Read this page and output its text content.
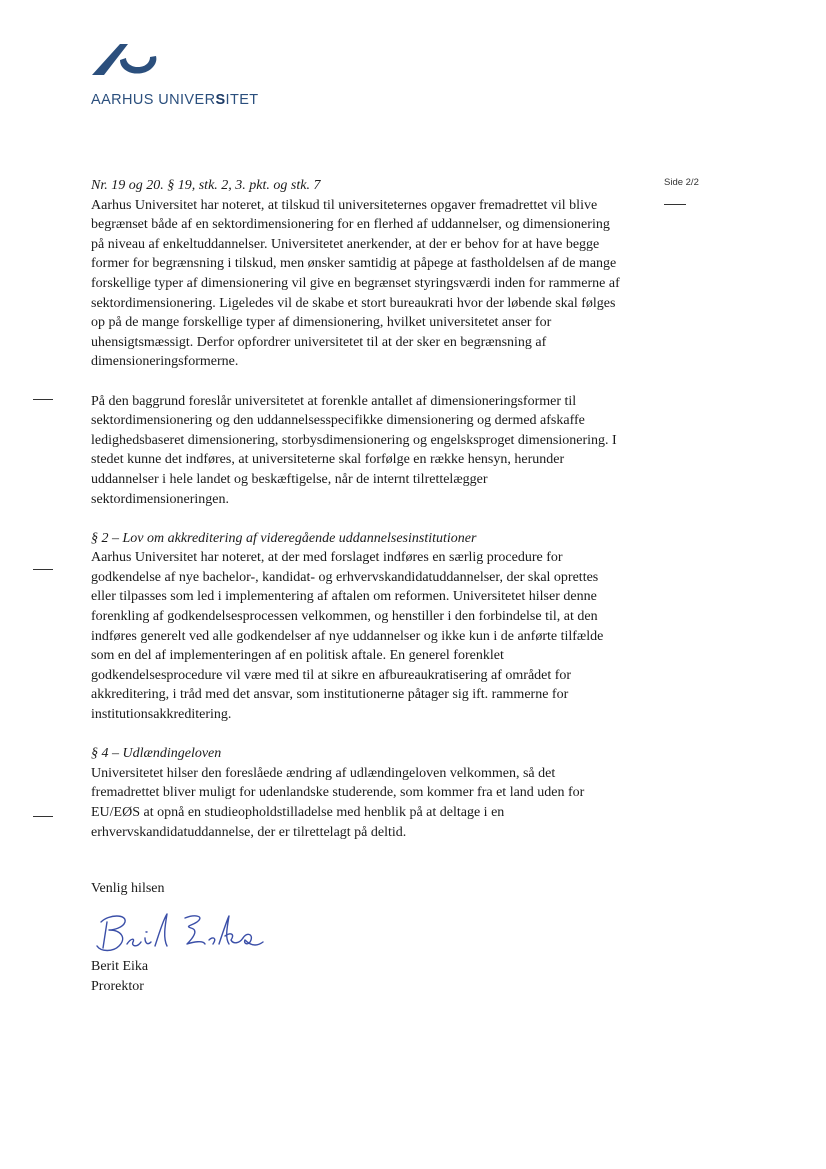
AARHUS UNIVERSITET
Side 2/2

Nr. 19 og 20. § 19, stk. 2, 3. pkt. og stk. 7

Aarhus Universitet har noteret, at tilskud til universiteternes opgaver fremadrettet vil blive begrænset både af en sektordimensionering for en flerhed af uddannelser, og dimensionering på niveau af enkeltuddannelser. Universitetet anerkender, at der er behov for at have begge former for begrænsning i tilskud, men ønsker samtidig at påpege at fastholdelsen af de mange forskellige typer af dimensionering vil give en begrænset styringsværdi inden for rammerne af sektordimensionering. Ligeledes vil de skabe et stort bureaukrati hvor der løbende skal følges op på de mange forskellige typer af dimensionering, hvilket universitetet anser for uhensigtsmæssigt. Derfor opfordrer universitetet til at der sker en begrænsning af dimensioneringsformerne.

På den baggrund foreslår universitetet at forenkle antallet af dimensioneringsformer til sektordimensionering og den uddannelsesspecifikke dimensionering og dermed afskaffe ledighedsbaseret dimensionering, storbysdimensionering og engelsksproget dimensionering. I stedet kunne det indføres, at universiteterne skal forfølge en række hensyn, herunder uddannelser i hele landet og beskæftigelse, når de internt tilrettelægger sektordimensioneringen.

§ 2 – Lov om akkreditering af videregående uddannelsesinstitutioner

Aarhus Universitet har noteret, at der med forslaget indføres en særlig procedure for godkendelse af nye bachelor-, kandidat- og erhvervskandidatuddannelser, der skal oprettes eller tilpasses som led i implementering af aftalen om reformen. Universitetet hilser denne forenkling af godkendelsesprocessen velkommen, og henstiller i den forbindelse til, at den indføres generelt ved alle godkendelser af nye uddannelser og ikke kun i de anførte tilfælde som en del af implementeringen af en politisk aftale. En generel forenklet godkendelsesprocedure vil være med til at sikre en afbureaukratisering af området for akkreditering, i tråd med det ansvar, som institutionerne påtager sig ift. rammerne for institutionsakkreditering.

§ 4 – Udlændingeloven

Universitetet hilser den foreslåede ændring af udlændingeloven velkommen, så det fremadrettet bliver muligt for udenlandske studerende, som kommer fra et land uden for EU/EØS at opnå en studieopholdstilladelse med henblik på at deltage i en erhvervskandidatuddannelse, der er tilrettelagt på deltid.

Venlig hilsen
Berit Eika
Prorektor
